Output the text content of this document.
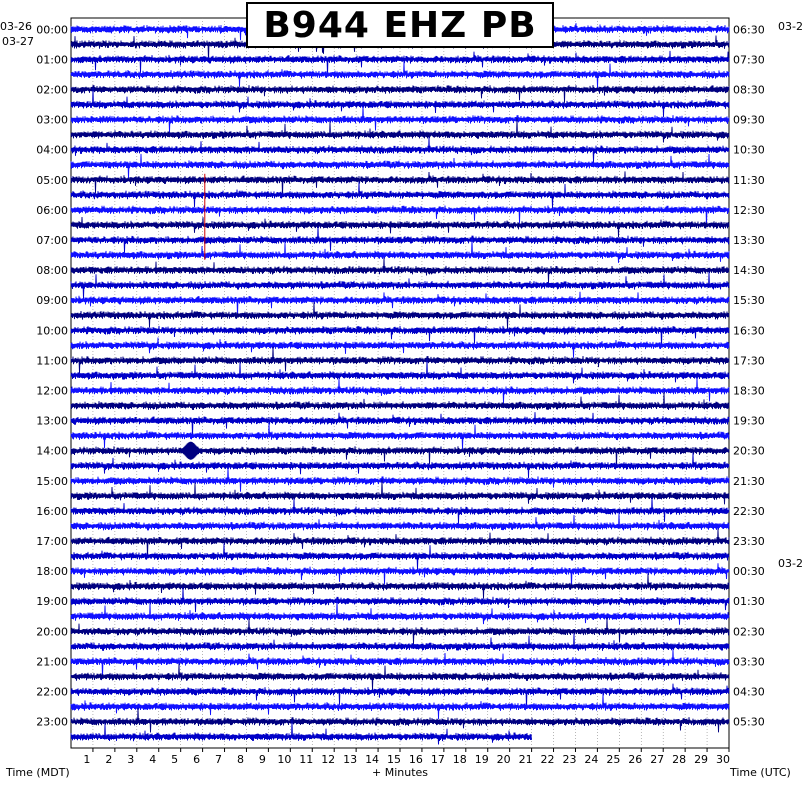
00:00
01:00
02:00
03:00
04:00
05:00
06:00
07:00
08:00
09:00
10:00
11:00
12:00
13:00
14:00
15:00
16:00
17:00
18:00
19:00
20:00
21:00
22:00
23:00
06:30
07:30
08:30
09:30
10:30
11:30
12:30
13:30
14:30
15:30
16:30
17:30
18:30
19:30
20:30
21:30
22:30
23:30
00:30
01:30
02:30
03:30
04:30
05:30
1 2 3 4 5 6 7 8 9 10 11 12 13 14 15 16 17 18 19 20 21 22 23 24 25 26 27 28 29 30
B944 EHZ PB
03-26
03-27
03-2
03-2
Time (MDT)	+ Minutes	Time (UTC)
